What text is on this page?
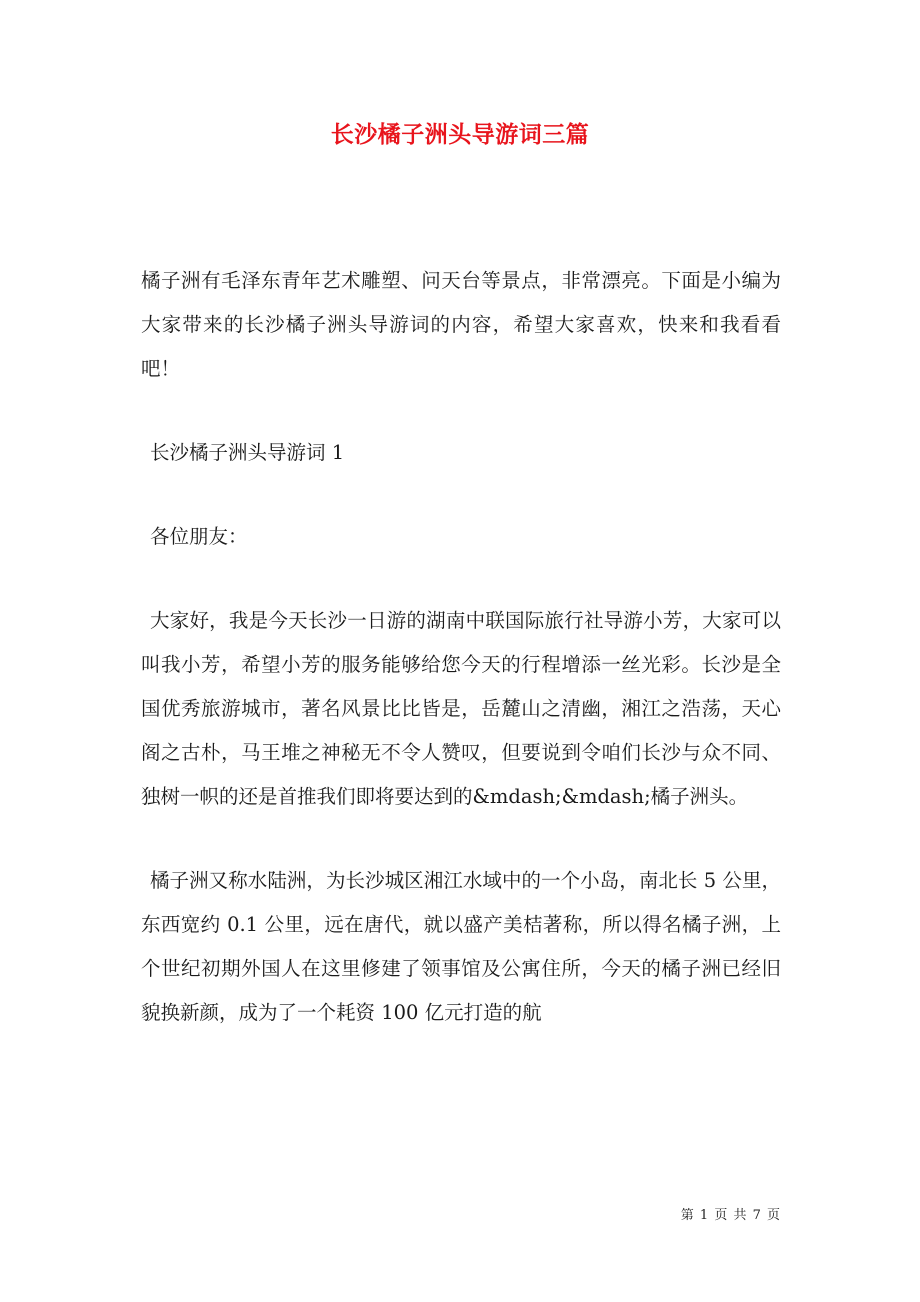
长沙橘子洲头导游词三篇

橘子洲有毛泽东青年艺术雕塑、问天台等景点，非常漂亮。下面是小编为大家带来的长沙橘子洲头导游词的内容，希望大家喜欢，快来和我看看吧！

长沙橘子洲头导游词 1

各位朋友：

大家好，我是今天长沙一日游的湖南中联国际旅行社导游小芳，大家可以叫我小芳，希望小芳的服务能够给您今天的行程增添一丝光彩。长沙是全国优秀旅游城市，著名风景比比皆是，岳麓山之清幽，湘江之浩荡，天心阁之古朴，马王堆之神秘无不令人赞叹，但要说到令咱们长沙与众不同、独树一帜的还是首推我们即将要达到的&mdash;&mdash;橘子洲头。

橘子洲又称水陆洲，为长沙城区湘江水域中的一个小岛，南北长 5 公里，东西宽约 0.1 公里，远在唐代，就以盛产美桔著称，所以得名橘子洲，上个世纪初期外国人在这里修建了领事馆及公寓住所，今天的橘子洲已经旧貌换新颜，成为了一个耗资 100 亿元打造的航

第 1 页 共 7 页
